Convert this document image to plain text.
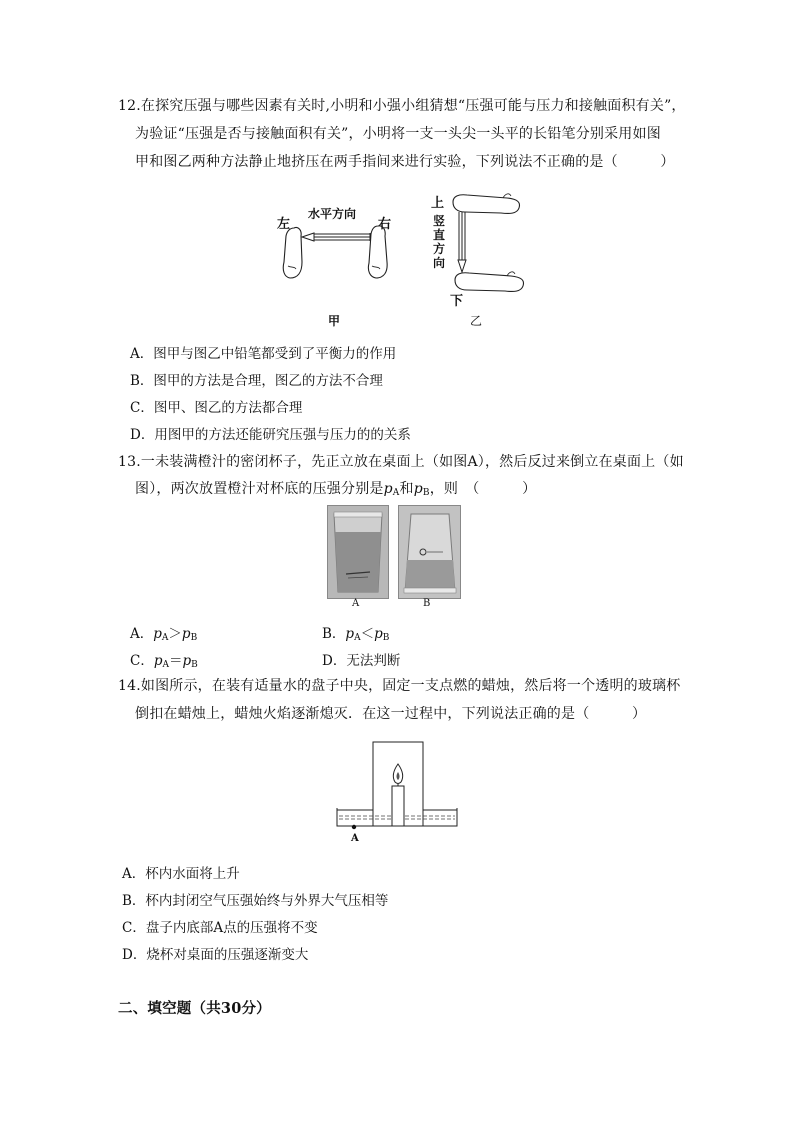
12.在探究压强与哪些因素有关时,小明和小强小组猜想“压强可能与压力和接触面积有关”，
为验证“压强是否与接触面积有关”，小明将一支一头尖一头平的长铅笔分别采用如图
甲和图乙两种方法静止地挤压在两手指间来进行实验，下列说法不正确的是（　　　）
左
水平方向
右
甲
上
竖直方向
下
乙
A．图甲与图乙中铅笔都受到了平衡力的作用
B．图甲的方法是合理，图乙的方法不合理
C．图甲、图乙的方法都合理
D．用图甲的方法还能研究压强与压力的的关系
13.一未装满橙汁的密闭杯子，先正立放在桌面上（如图A），然后反过来倒立在桌面上（如
图），两次放置橙汁对杯底的压强分别是$p_A$和$p_B$，则　（　　　）
A	B
A．$p_A>p_B$	B．$p_A<p_B$
C．$p_A=p_B$	D．无法判断
14.如图所示，在装有适量水的盘子中央，固定一支点燃的蜡烛，然后将一个透明的玻璃杯
倒扣在蜡烛上，蜡烛火焰逐渐熄灭．在这一过程中，下列说法正确的是（　　　）
A
A．杯内水面将上升
B．杯内封闭空气压强始终与外界大气压相等
C．盘子内底部A点的压强将不变
D．烧杯对桌面的压强逐渐变大
二、填空题（共30分）
